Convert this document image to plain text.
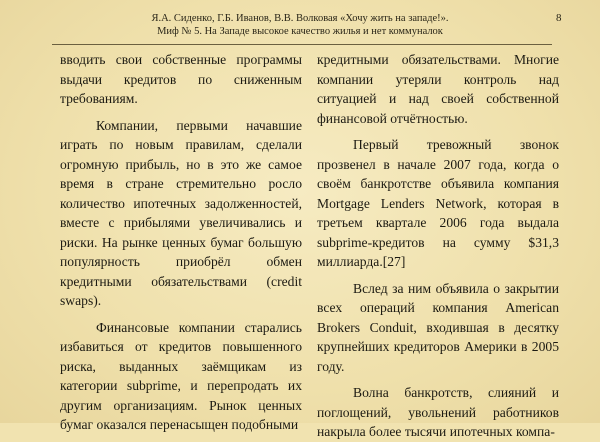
Я.А. Сиденко, Г.Б. Иванов, В.В. Волковая «Хочу жить на западе!».
Миф № 5. На Западе высокое качество жилья и нет коммуналок
8

вводить свои собственные программы выдачи кредитов по сниженным требованиям.

Компании, первыми начавшие играть по новым правилам, сделали огромную прибыль, но в это же самое время в стране стремительно росло количество ипотечных задолженностей, вместе с прибылями увеличивались и риски. На рынке ценных бумаг большую популярность приобрёл обмен кредитными обязательствами (credit swaps).

Финансовые компании старались избавиться от кредитов повышенного риска, выданных заёмщикам из категории subprime, и перепродать их другим организациям. Рынок ценных бумаг оказался перенасыщен подобными

кредитными обязательствами. Многие компании утеряли контроль над ситуацией и над своей собственной финансовой отчётностью.

Первый тревожный звонок прозвенел в начале 2007 года, когда о своём банкротстве объявила компания Mortgage Lenders Network, которая в третьем квартале 2006 года выдала subprime-кредитов на сумму $31,3 миллиарда.[27]

Вслед за ним объявила о закрытии всех операций компания American Brokers Conduit, входившая в десятку крупнейших кредиторов Америки в 2005 году.

Волна банкротств, слияний и поглощений, увольнений работников накрыла более тысячи ипотечных компа-
